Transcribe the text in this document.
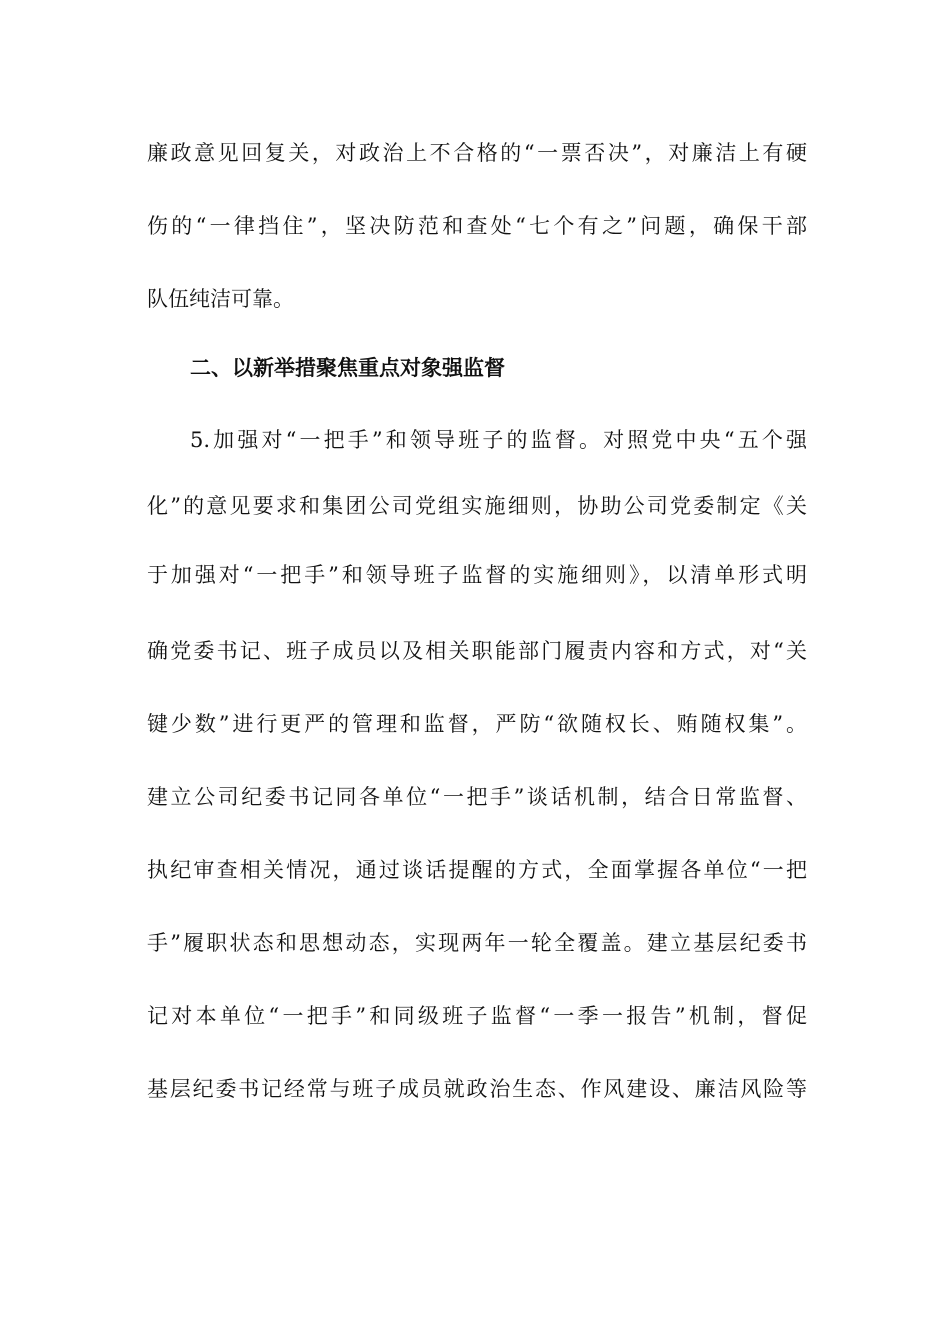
廉政意见回复关，对政治上不合格的“一票否决”，对廉洁上有硬
伤的“一律挡住”，坚决防范和查处“七个有之”问题，确保干部
队伍纯洁可靠。
二、以新举措聚焦重点对象强监督
5.加强对“一把手”和领导班子的监督。对照党中央“五个强
化”的意见要求和集团公司党组实施细则，协助公司党委制定《关
于加强对“一把手”和领导班子监督的实施细则》，以清单形式明
确党委书记、班子成员以及相关职能部门履责内容和方式，对“关
键少数”进行更严的管理和监督，严防“欲随权长、贿随权集”。
建立公司纪委书记同各单位“一把手”谈话机制，结合日常监督、
执纪审查相关情况，通过谈话提醒的方式，全面掌握各单位“一把
手”履职状态和思想动态，实现两年一轮全覆盖。建立基层纪委书
记对本单位“一把手”和同级班子监督“一季一报告”机制，督促
基层纪委书记经常与班子成员就政治生态、作风建设、廉洁风险等
